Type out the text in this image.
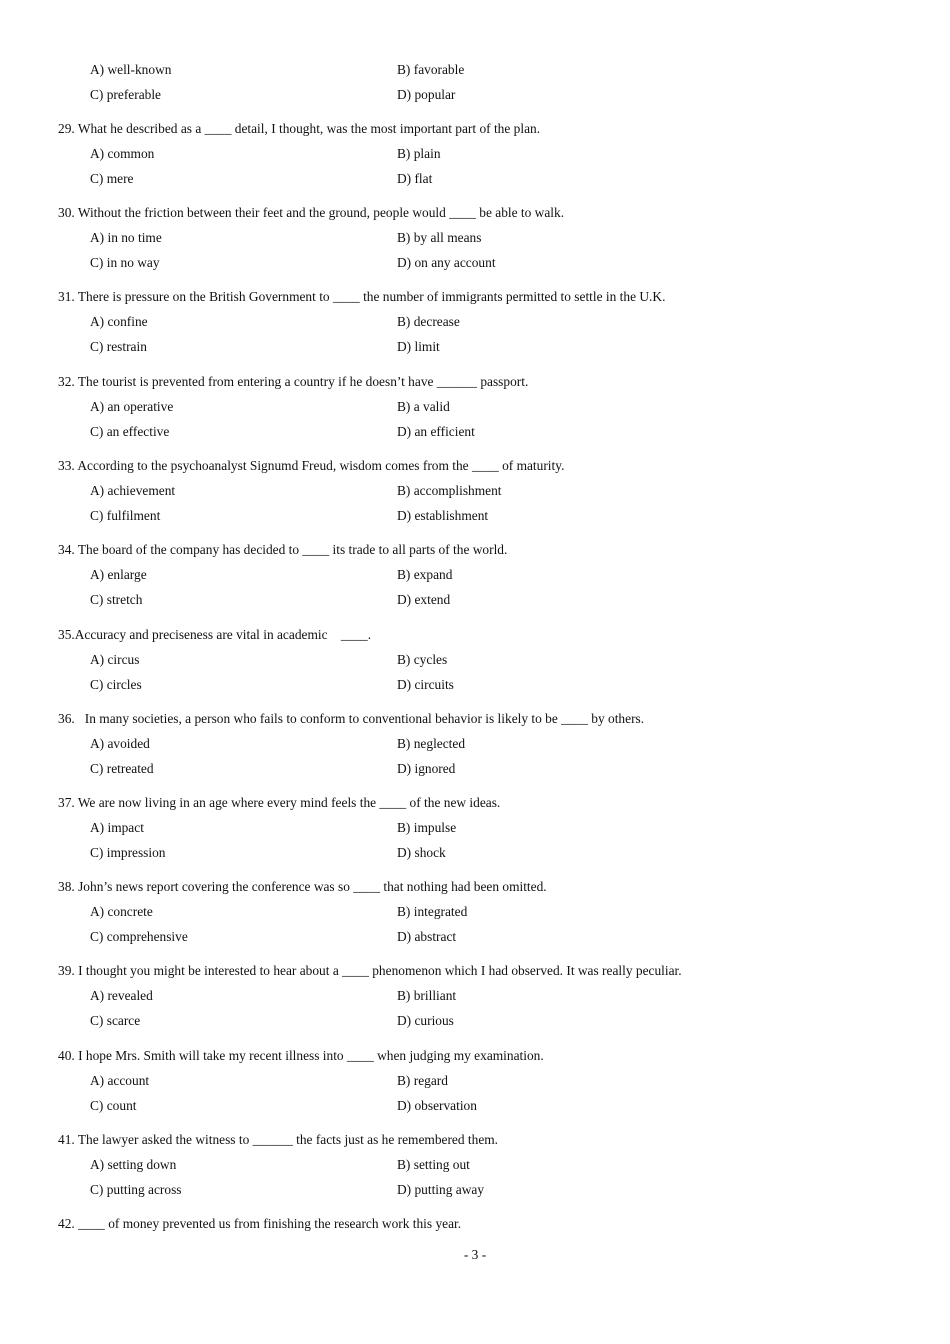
A) well-known	B) favorable
C) preferable	D) popular
29. What he described as a ____ detail, I thought, was the most important part of the plan.
A) common	B) plain
C) mere	D) flat
30. Without the friction between their feet and the ground, people would ____ be able to walk.
A) in no time	B) by all means
C) in no way	D) on any account
31. There is pressure on the British Government to ____ the number of immigrants permitted to settle in the U.K.
A) confine	B) decrease
C) restrain	D) limit
32. The tourist is prevented from entering a country if he doesn’t have ______ passport.
A) an operative	B) a valid
C) an effective	D) an efficient
33. According to the psychoanalyst Signumd Freud, wisdom comes from the ____ of maturity.
A) achievement	B) accomplishment
C) fulfilment	D) establishment
34. The board of the company has decided to ____ its trade to all parts of the world.
A) enlarge	B) expand
C) stretch	D) extend
35.Accuracy and preciseness are vital in academic    ____.
A) circus	B) cycles
C) circles	D) circuits
36.   In many societies, a person who fails to conform to conventional behavior is likely to be ____ by others.
A) avoided	B) neglected
C) retreated	D) ignored
37. We are now living in an age where every mind feels the ____ of the new ideas.
A) impact	B) impulse
C) impression	D) shock
38. John’s news report covering the conference was so ____ that nothing had been omitted.
A) concrete	B) integrated
C) comprehensive	D) abstract
39. I thought you might be interested to hear about a ____ phenomenon which I had observed. It was really peculiar.
A) revealed	B) brilliant
C) scarce	D) curious
40. I hope Mrs. Smith will take my recent illness into ____ when judging my examination.
A) account	B) regard
C) count	D) observation
41. The lawyer asked the witness to ______ the facts just as he remembered them.
A) setting down	B) setting out
C) putting across	D) putting away
42. ____ of money prevented us from finishing the research work this year.
- 3 -
